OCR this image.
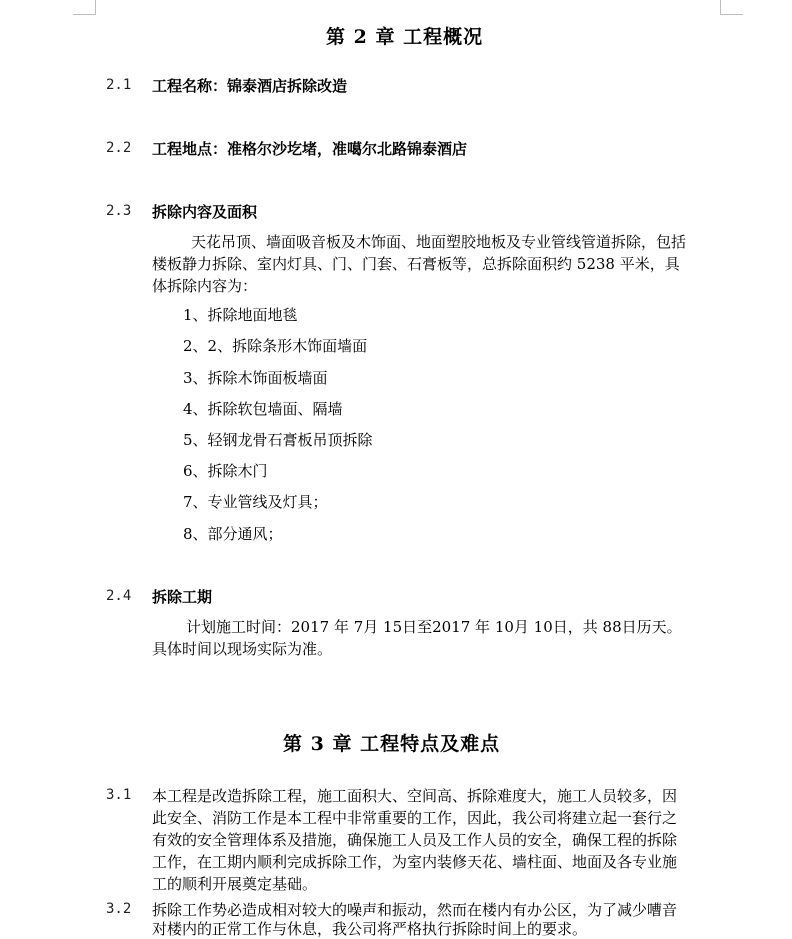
第 2 章 工程概况
2.1 工程名称：锦泰酒店拆除改造
2.2 工程地点：准格尔沙圪堵，准噶尔北路锦泰酒店
2.3 拆除内容及面积
天花吊顶、墙面吸音板及木饰面、地面塑胶地板及专业管线管道拆除，包括
楼板静力拆除、室内灯具、门、门套、石膏板等，总拆除面积约 5238 平米，具
体拆除内容为：
1、拆除地面地毯
2、2、拆除条形木饰面墙面
3、拆除木饰面板墙面
4、拆除软包墙面、隔墙
5、轻钢龙骨石膏板吊顶拆除
6、拆除木门
7、专业管线及灯具；
8、部分通风；
2.4 拆除工期
计划施工时间：2017 年 7月 15日至2017 年 10月 10日，共 88日历天。
具体时间以现场实际为准。
第 3 章 工程特点及难点
3.1 本工程是改造拆除工程，施工面积大、空间高、拆除难度大，施工人员较多，因
此安全、消防工作是本工程中非常重要的工作，因此，我公司将建立起一套行之
有效的安全管理体系及措施，确保施工人员及工作人员的安全，确保工程的拆除
工作，在工期内顺利完成拆除工作，为室内装修天花、墙柱面、地面及各专业施
工的顺利开展奠定基础。
3.2 拆除工作势必造成相对较大的噪声和振动，然而在楼内有办公区，为了减少嘈音
对楼内的正常工作与休息，我公司将严格执行拆除时间上的要求。
